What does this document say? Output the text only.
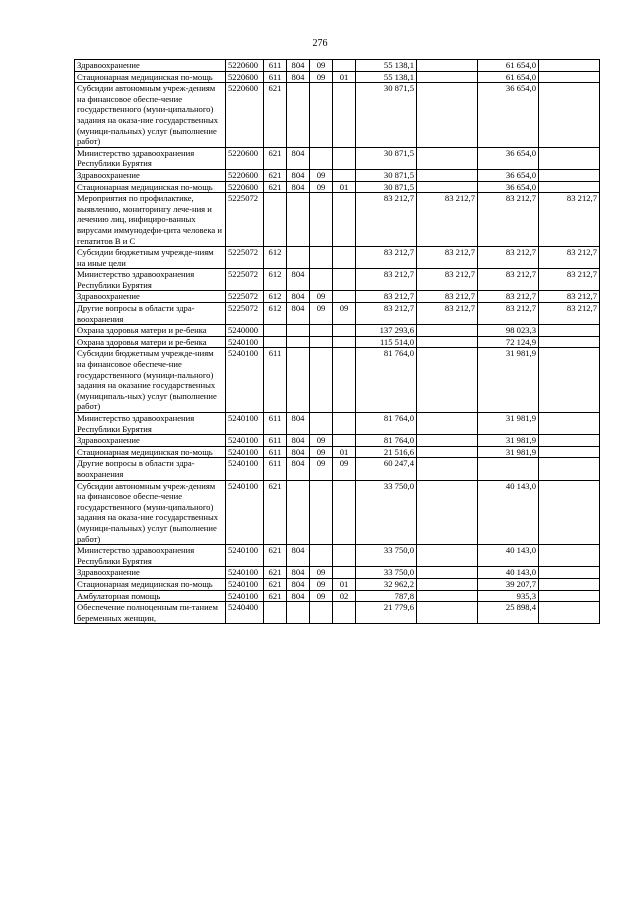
276
Здравоохранение	5220600	611	804	09		55 138,1		61 654,0	
Стационарная медицинская по-мощь	5220600	611	804	09	01	55 138,1		61 654,0	
Субсидии автономным учреж-дениям на финансовое обеспе-чение государственного (муни-ципального) задания на оказа-ние государственных (муници-пальных) услуг (выполнение работ)	5220600	621				30 871,5		36 654,0	
Министерство здравоохранения Республики Бурятия	5220600	621	804			30 871,5		36 654,0	
Здравоохранение	5220600	621	804	09		30 871,5		36 654,0	
Стационарная медицинская по-мощь	5220600	621	804	09	01	30 871,5		36 654,0	
Мероприятия по профилактике, выявлению, мониторингу лече-ния и лечению лиц, инфициро-ванных вирусами иммунодефи-цита человека и гепатитов В и С	5225072					83 212,7	83 212,7	83 212,7	83 212,7
Субсидии бюджетным учрежде-ниям на иные цели	5225072	612				83 212,7	83 212,7	83 212,7	83 212,7
Министерство здравоохранения Республики Бурятия	5225072	612	804			83 212,7	83 212,7	83 212,7	83 212,7
Здравоохранение	5225072	612	804	09		83 212,7	83 212,7	83 212,7	83 212,7
Другие вопросы в области здра-воохранения	5225072	612	804	09	09	83 212,7	83 212,7	83 212,7	83 212,7
Охрана здоровья матери и ре-бенка	5240000					137 293,6		98 023,3	
Охрана здоровья матери и ре-бенка	5240100					115 514,0		72 124,9	
Субсидии бюджетным учрежде-ниям на финансовое обеспече-ние государственного (муници-пального) задания на оказание государственных (муниципаль-ных) услуг (выполнение работ)	5240100	611				81 764,0		31 981,9	
Министерство здравоохранения Республики Бурятия	5240100	611	804			81 764,0		31 981,9	
Здравоохранение	5240100	611	804	09		81 764,0		31 981,9	
Стационарная медицинская по-мощь	5240100	611	804	09	01	21 516,6		31 981,9	
Другие вопросы в области здра-воохранения	5240100	611	804	09	09	60 247,4			
Субсидии автономным учреж-дениям на финансовое обеспе-чение государственного (муни-ципального) задания на оказа-ние государственных (муници-пальных) услуг (выполнение работ)	5240100	621				33 750,0		40 143,0	
Министерство здравоохранения Республики Бурятия	5240100	621	804			33 750,0		40 143,0	
Здравоохранение	5240100	621	804	09		33 750,0		40 143,0	
Стационарная медицинская по-мощь	5240100	621	804	09	01	32 962,2		39 207,7	
Амбулаторная помощь	5240100	621	804	09	02	787,8		935,3	
Обеспечение полноценным пи-танием беременных женщин,	5240400					21 779,6		25 898,4	
